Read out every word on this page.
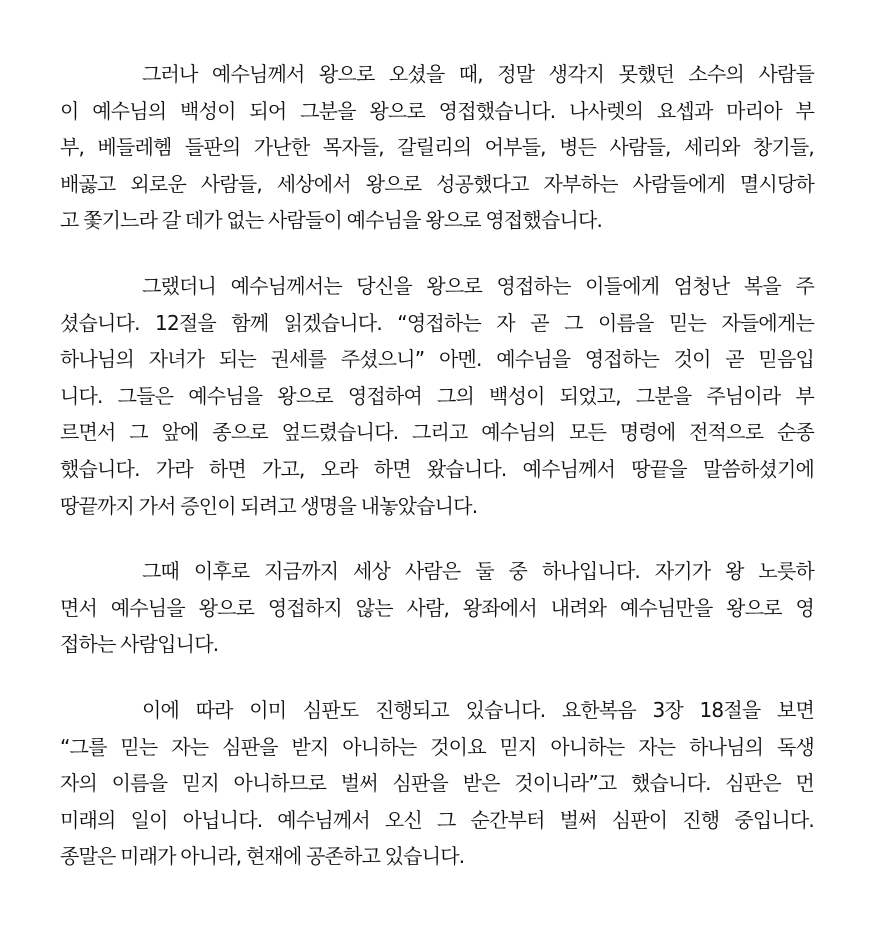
그러나 예수님께서 왕으로 오셨을 때, 정말 생각지 못했던 소수의 사람들
이 예수님의 백성이 되어 그분을 왕으로 영접했습니다. 나사렛의 요셉과 마리아 부
부, 베들레헴 들판의 가난한 목자들, 갈릴리의 어부들, 병든 사람들, 세리와 창기들,
배곯고 외로운 사람들, 세상에서 왕으로 성공했다고 자부하는 사람들에게 멸시당하
고 쫓기느라 갈 데가 없는 사람들이 예수님을 왕으로 영접했습니다.

그랬더니 예수님께서는 당신을 왕으로 영접하는 이들에게 엄청난 복을 주
셨습니다. 12절을 함께 읽겠습니다. “영접하는 자 곧 그 이름을 믿는 자들에게는
하나님의 자녀가 되는 권세를 주셨으니” 아멘. 예수님을 영접하는 것이 곧 믿음입
니다. 그들은 예수님을 왕으로 영접하여 그의 백성이 되었고, 그분을 주님이라 부
르면서 그 앞에 종으로 엎드렸습니다. 그리고 예수님의 모든 명령에 전적으로 순종
했습니다. 가라 하면 가고, 오라 하면 왔습니다. 예수님께서 땅끝을 말씀하셨기에
땅끝까지 가서 증인이 되려고 생명을 내놓았습니다.

그때 이후로 지금까지 세상 사람은 둘 중 하나입니다. 자기가 왕 노릇하
면서 예수님을 왕으로 영접하지 않는 사람, 왕좌에서 내려와 예수님만을 왕으로 영
접하는 사람입니다.

이에 따라 이미 심판도 진행되고 있습니다. 요한복음 3장 18절을 보면
“그를 믿는 자는 심판을 받지 아니하는 것이요 믿지 아니하는 자는 하나님의 독생
자의 이름을 믿지 아니하므로 벌써 심판을 받은 것이니라”고 했습니다. 심판은 먼
미래의 일이 아닙니다. 예수님께서 오신 그 순간부터 벌써 심판이 진행 중입니다.
종말은 미래가 아니라, 현재에 공존하고 있습니다.
